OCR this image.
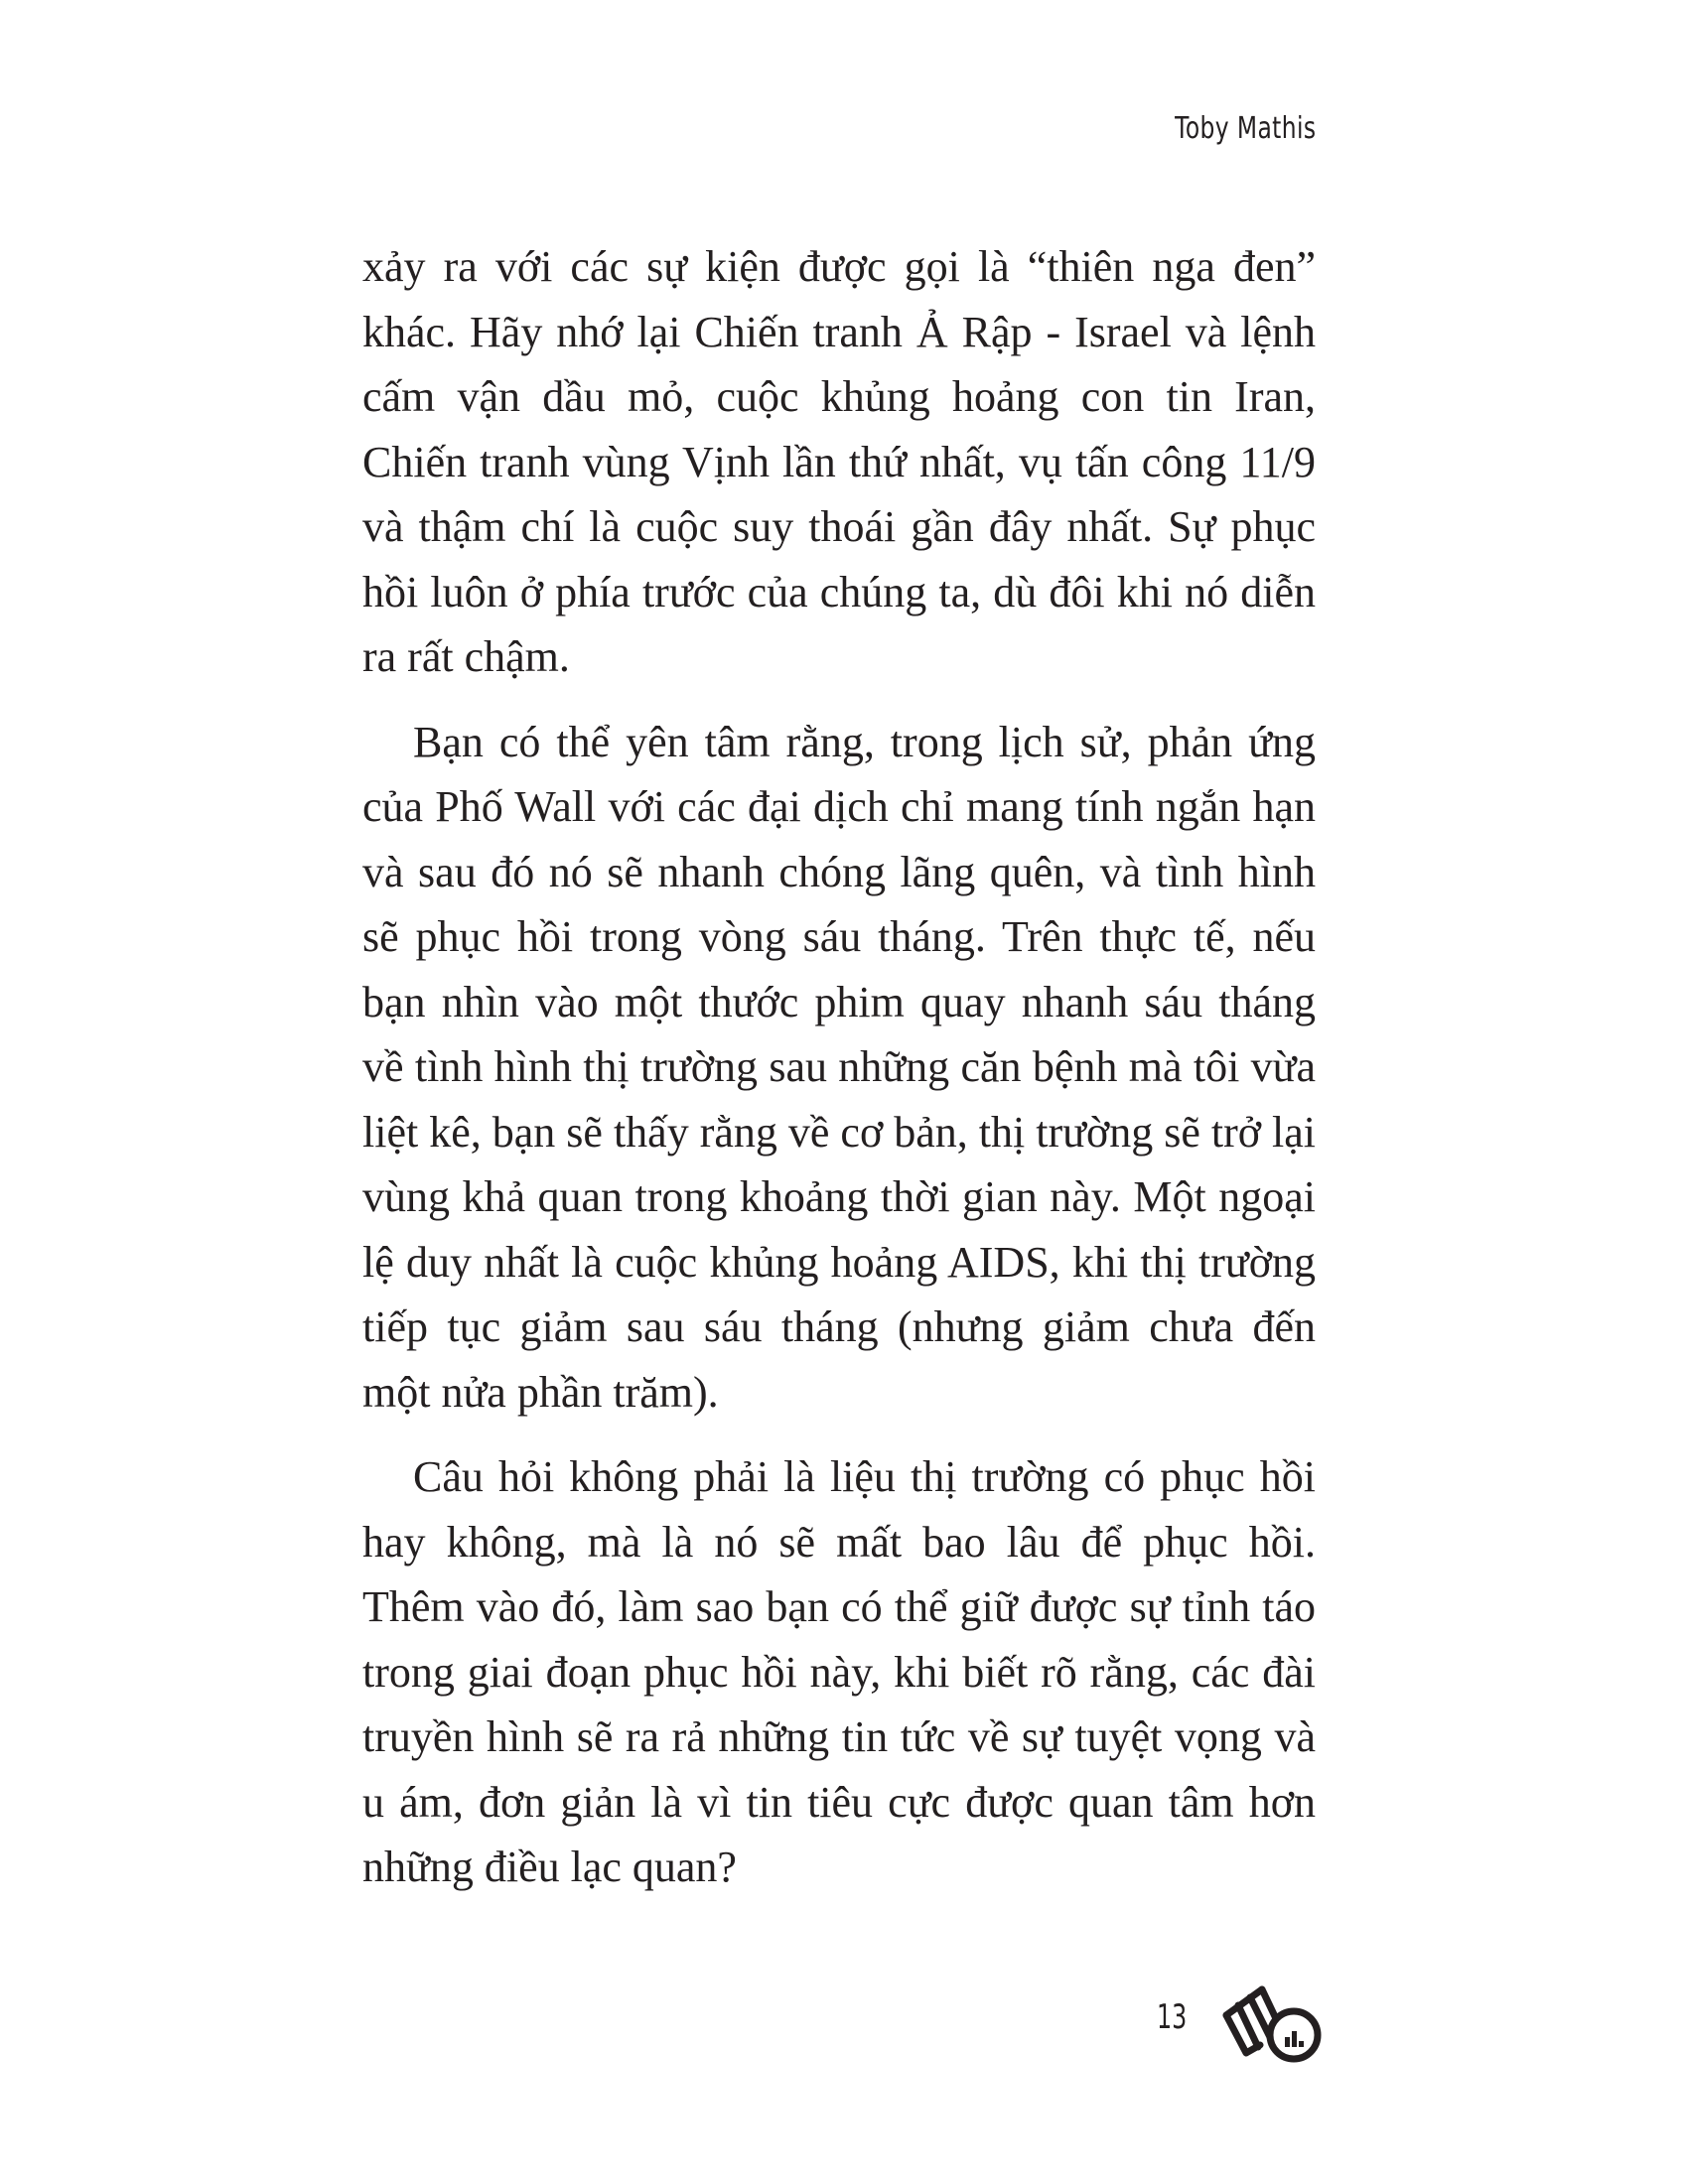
Toby Mathis

xảy ra với các sự kiện được gọi là “thiên nga đen” khác. Hãy nhớ lại Chiến tranh Ả Rập - Israel và lệnh cấm vận dầu mỏ, cuộc khủng hoảng con tin Iran, Chiến tranh vùng Vịnh lần thứ nhất, vụ tấn công 11/9 và thậm chí là cuộc suy thoái gần đây nhất. Sự phục hồi luôn ở phía trước của chúng ta, dù đôi khi nó diễn ra rất chậm.

Bạn có thể yên tâm rằng, trong lịch sử, phản ứng của Phố Wall với các đại dịch chỉ mang tính ngắn hạn và sau đó nó sẽ nhanh chóng lãng quên, và tình hình sẽ phục hồi trong vòng sáu tháng. Trên thực tế, nếu bạn nhìn vào một thước phim quay nhanh sáu tháng về tình hình thị trường sau những căn bệnh mà tôi vừa liệt kê, bạn sẽ thấy rằng về cơ bản, thị trường sẽ trở lại vùng khả quan trong khoảng thời gian này. Một ngoại lệ duy nhất là cuộc khủng hoảng AIDS, khi thị trường tiếp tục giảm sau sáu tháng (nhưng giảm chưa đến một nửa phần trăm).

Câu hỏi không phải là liệu thị trường có phục hồi hay không, mà là nó sẽ mất bao lâu để phục hồi. Thêm vào đó, làm sao bạn có thể giữ được sự tỉnh táo trong giai đoạn phục hồi này, khi biết rõ rằng, các đài truyền hình sẽ ra rả những tin tức về sự tuyệt vọng và u ám, đơn giản là vì tin tiêu cực được quan tâm hơn những điều lạc quan?

13
